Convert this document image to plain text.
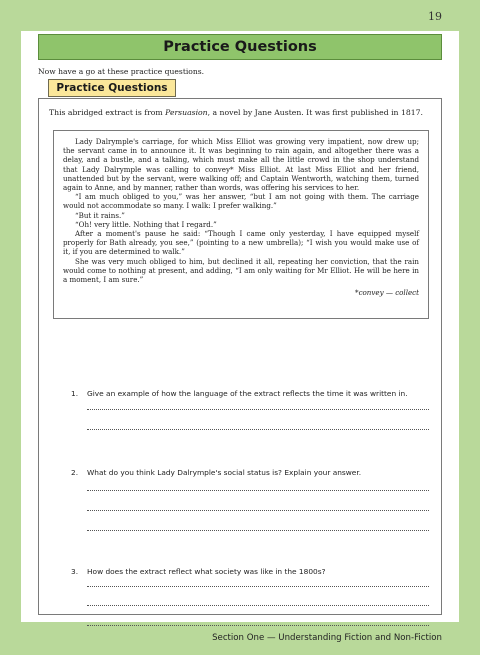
19
Practice Questions
Now have a go at these practice questions.
This abridged extract is from Persuasion, a novel by Jane Austen. It was first published in 1817.

Lady Dalrymple's carriage, for which Miss Elliot was growing very impatient, now drew up; the servant came in to announce it. It was beginning to rain again, and altogether there was a delay, and a bustle, and a talking, which must make all the little crowd in the shop understand that Lady Dalrymple was calling to convey* Miss Elliot. At last Miss Elliot and her friend, unattended but by the servant, were walking off; and Captain Wentworth, watching them, turned again to Anne, and by manner, rather than words, was offering his services to her.

“I am much obliged to you,” was her answer, “but I am not going with them. The carriage would not accommodate so many. I walk: I prefer walking.”

“But it rains.”

“Oh! very little. Nothing that I regard.”

After a moment's pause he said: “Though I came only yesterday, I have equipped myself properly for Bath already, you see,” (pointing to a new umbrella); “I wish you would make use of it, if you are determined to walk.”

She was very much obliged to him, but declined it all, repeating her conviction, that the rain would come to nothing at present, and adding, “I am only waiting for Mr Elliot. He will be here in a moment, I am sure.”

*convey — collect

1. Give an example of how the language of the extract reflects the time it was written in.
2. What do you think Lady Dalrymple's social status is? Explain your answer.
3. How does the extract reflect what society was like in the 1800s?
Practice Questions
Section One — Understanding Fiction and Non-Fiction
